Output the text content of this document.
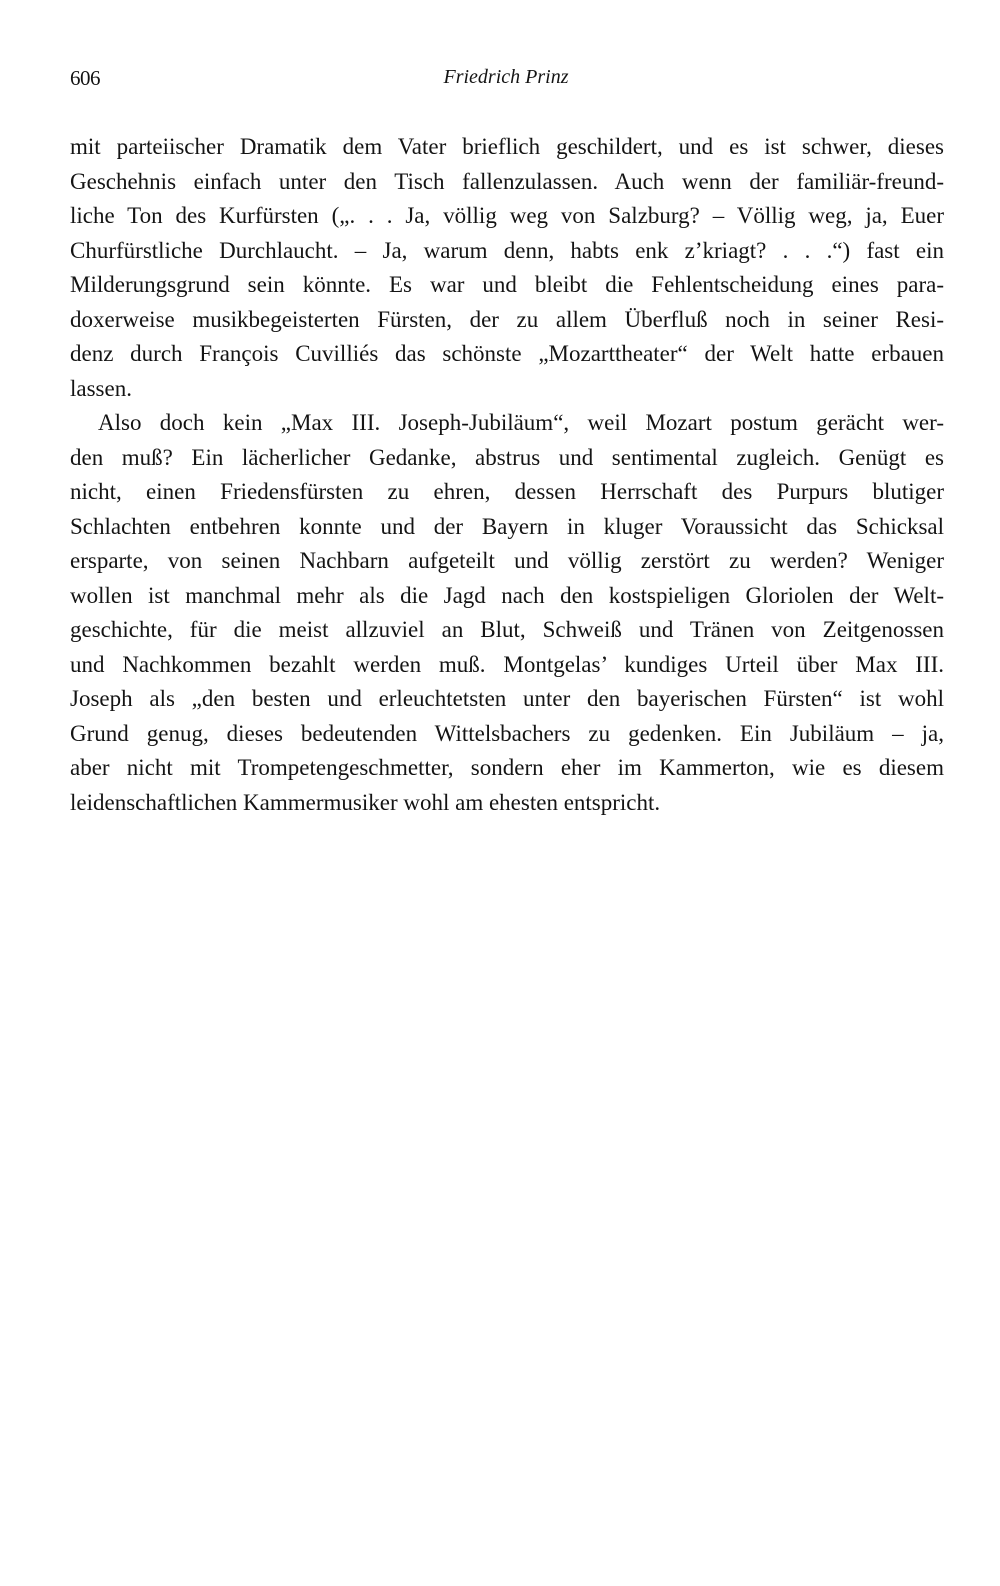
606	Friedrich Prinz

mit parteiischer Dramatik dem Vater brieflich geschildert, und es ist schwer, dieses
Geschehnis einfach unter den Tisch fallenzulassen. Auch wenn der familiär-freund-
liche Ton des Kurfürsten („. . . Ja, völlig weg von Salzburg? – Völlig weg, ja, Euer
Churfürstliche Durchlaucht. – Ja, warum denn, habts enk z’kriagt? . . .“) fast ein
Milderungsgrund sein könnte. Es war und bleibt die Fehlentscheidung eines para-
doxerweise musikbegeisterten Fürsten, der zu allem Überfluß noch in seiner Resi-
denz durch François Cuvilliés das schönste „Mozarttheater“ der Welt hatte erbauen
lassen.

Also doch kein „Max III. Joseph-Jubiläum“, weil Mozart postum gerächt wer-
den muß? Ein lächerlicher Gedanke, abstrus und sentimental zugleich. Genügt es
nicht, einen Friedensfürsten zu ehren, dessen Herrschaft des Purpurs blutiger
Schlachten entbehren konnte und der Bayern in kluger Voraussicht das Schicksal
ersparte, von seinen Nachbarn aufgeteilt und völlig zerstört zu werden? Weniger
wollen ist manchmal mehr als die Jagd nach den kostspieligen Gloriolen der Welt-
geschichte, für die meist allzuviel an Blut, Schweiß und Tränen von Zeitgenossen
und Nachkommen bezahlt werden muß. Montgelas’ kundiges Urteil über Max III.
Joseph als „den besten und erleuchtetsten unter den bayerischen Fürsten“ ist wohl
Grund genug, dieses bedeutenden Wittelsbachers zu gedenken. Ein Jubiläum – ja,
aber nicht mit Trompetengeschmetter, sondern eher im Kammerton, wie es diesem
leidenschaftlichen Kammermusiker wohl am ehesten entspricht.
